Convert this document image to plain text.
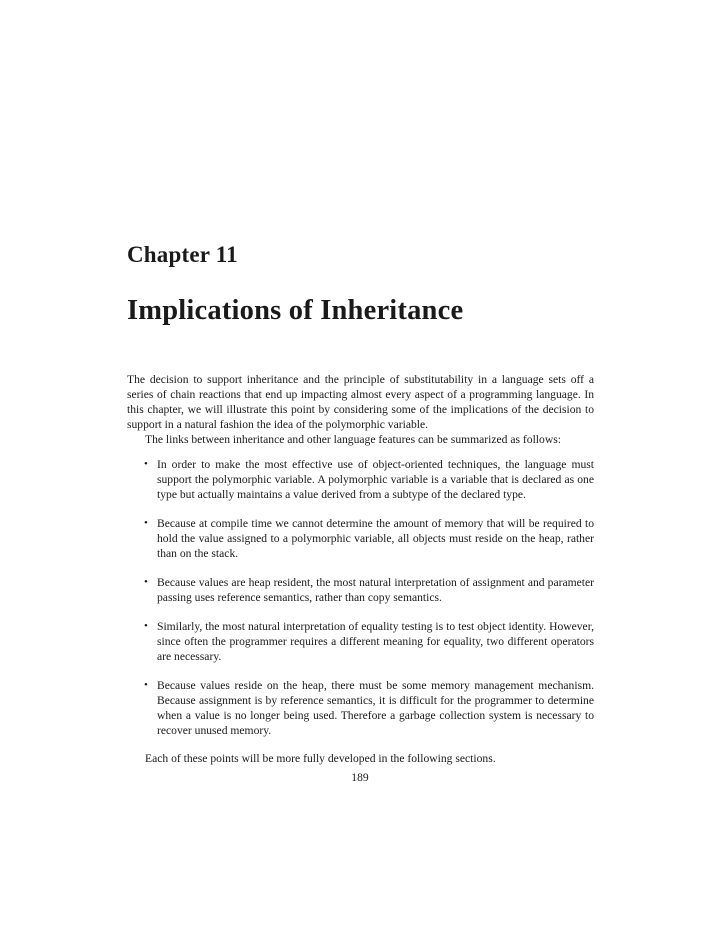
Chapter 11
Implications of Inheritance

The decision to support inheritance and the principle of substitutability in a language sets off a series of chain reactions that end up impacting almost every aspect of a programming language. In this chapter, we will illustrate this point by considering some of the implications of the decision to support in a natural fashion the idea of the polymorphic variable.

The links between inheritance and other language features can be summarized as follows:

• In order to make the most effective use of object-oriented techniques, the language must support the polymorphic variable. A polymorphic variable is a variable that is declared as one type but actually maintains a value derived from a subtype of the declared type.
• Because at compile time we cannot determine the amount of memory that will be required to hold the value assigned to a polymorphic variable, all objects must reside on the heap, rather than on the stack.
• Because values are heap resident, the most natural interpretation of assignment and parameter passing uses reference semantics, rather than copy semantics.
• Similarly, the most natural interpretation of equality testing is to test object identity. However, since often the programmer requires a different meaning for equality, two different operators are necessary.
• Because values reside on the heap, there must be some memory management mechanism. Because assignment is by reference semantics, it is difficult for the programmer to determine when a value is no longer being used. Therefore a garbage collection system is necessary to recover unused memory.

Each of these points will be more fully developed in the following sections.

189
